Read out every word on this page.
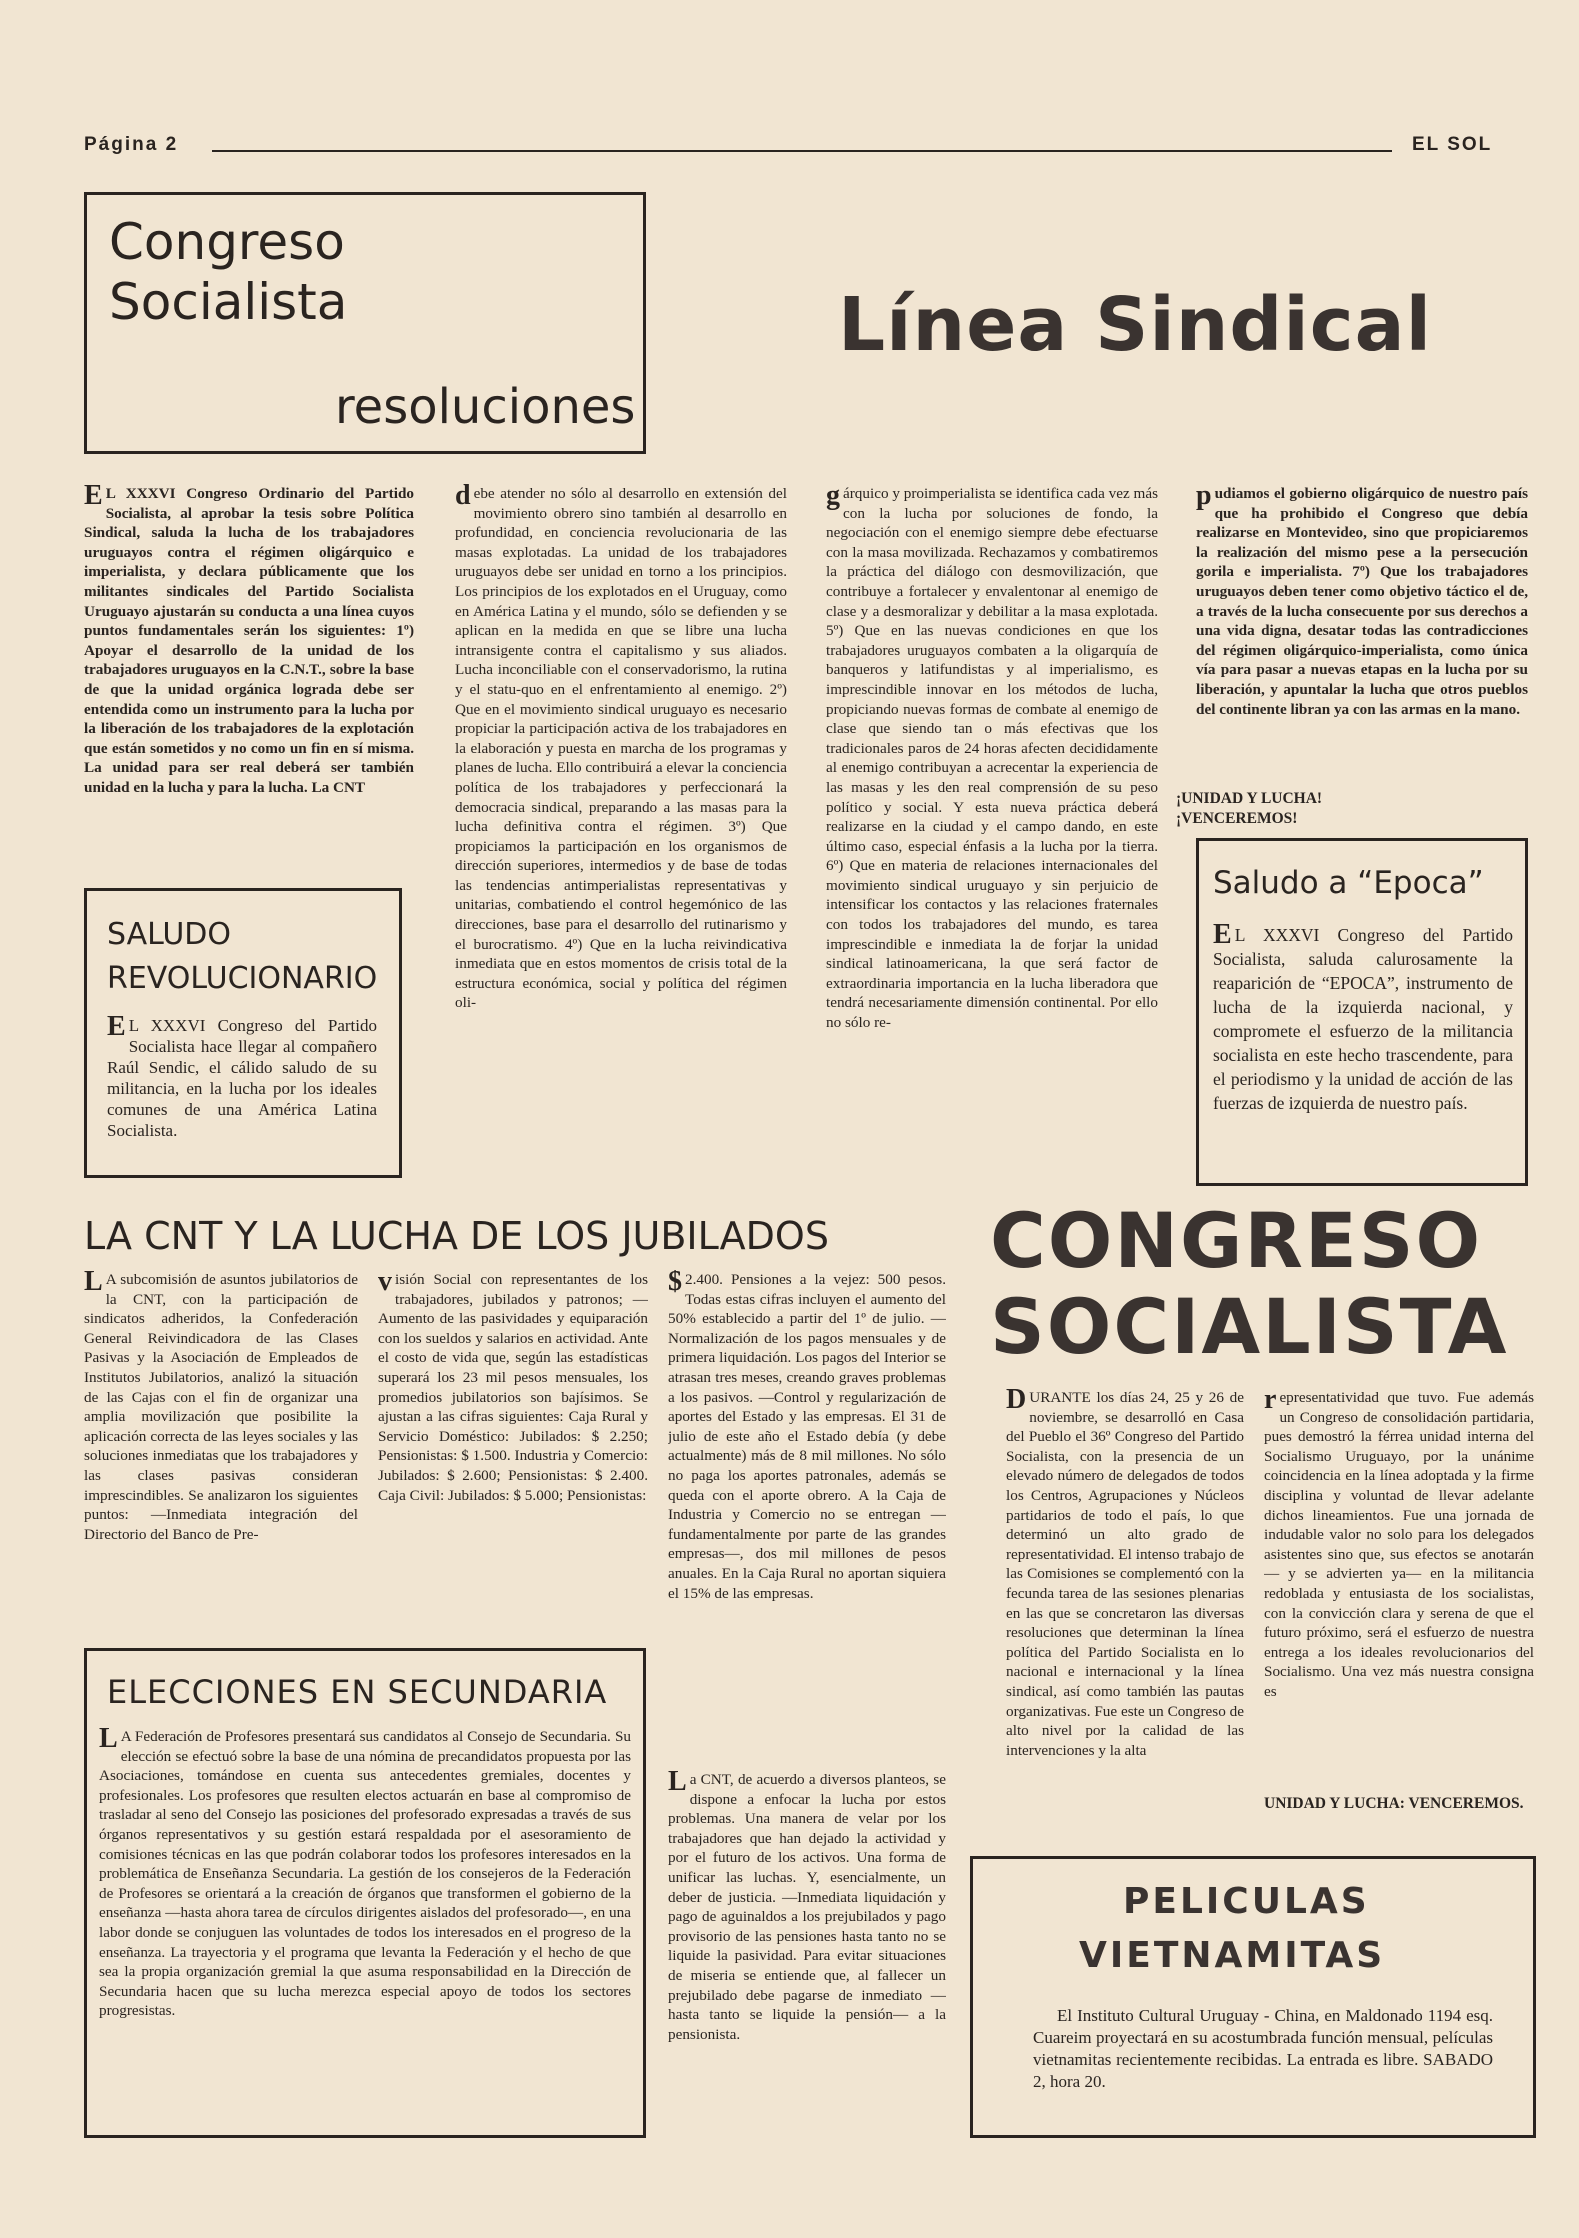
Página 2	EL SOL
Congreso
Socialista
resoluciones
Línea Sindical

EL XXXVI Congreso Ordinario del Partido Socialista, al aprobar la tesis sobre Política Sindical, saluda la lucha de los trabajadores uruguayos contra el régimen oligárquico e imperialista, y declara públicamente que los militantes sindicales del Partido Socialista Uruguayo ajustarán su conducta a una línea cuyos puntos fundamentales serán los siguientes: 1º) Apoyar el desarrollo de la unidad de los trabajadores uruguayos en la C.N.T., sobre la base de que la unidad orgánica lograda debe ser entendida como un instrumento para la lucha por la liberación de los trabajadores de la explotación que están sometidos y no como un fin en sí misma. La unidad para ser real deberá ser también unidad en la lucha y para la lucha. La CNT

debe atender no sólo al desarrollo en extensión del movimiento obrero sino también al desarrollo en profundidad, en conciencia revolucionaria de las masas explotadas. La unidad de los trabajadores uruguayos debe ser unidad en torno a los principios. Los principios de los explotados en el Uruguay, como en América Latina y el mundo, sólo se defienden y se aplican en la medida en que se libre una lucha intransigente contra el capitalismo y sus aliados. Lucha inconciliable con el conservadorismo, la rutina y el statu-quo en el enfrentamiento al enemigo. 2º) Que en el movimiento sindical uruguayo es necesario propiciar la participación activa de los trabajadores en la elaboración y puesta en marcha de los programas y planes de lucha. Ello contribuirá a elevar la conciencia política de los trabajadores y perfeccionará la democracia sindical, preparando a las masas para la lucha definitiva contra el régimen. 3º) Que propiciamos la participación en los organismos de dirección superiores, intermedios y de base de todas las tendencias antimperialistas representativas y unitarias, combatiendo el control hegemónico de las direcciones, base para el desarrollo del rutinarismo y el burocratismo. 4º) Que en la lucha reivindicativa inmediata que en estos momentos de crisis total de la estructura económica, social y política del régimen oli-

gárquico y proimperialista se identifica cada vez más con la lucha por soluciones de fondo, la negociación con el enemigo siempre debe efectuarse con la masa movilizada. Rechazamos y combatiremos la práctica del diálogo con desmovilización, que contribuye a fortalecer y envalentonar al enemigo de clase y a desmoralizar y debilitar a la masa explotada. 5º) Que en las nuevas condiciones en que los trabajadores uruguayos combaten a la oligarquía de banqueros y latifundistas y al imperialismo, es imprescindible innovar en los métodos de lucha, propiciando nuevas formas de combate al enemigo de clase que siendo tan o más efectivas que los tradicionales paros de 24 horas afecten decididamente al enemigo contribuyan a acrecentar la experiencia de las masas y les den real comprensión de su peso político y social. Y esta nueva práctica deberá realizarse en la ciudad y el campo dando, en este último caso, especial énfasis a la lucha por la tierra. 6º) Que en materia de relaciones internacionales del movimiento sindical uruguayo y sin perjuicio de intensificar los contactos y las relaciones fraternales con todos los trabajadores del mundo, es tarea imprescindible e inmediata la de forjar la unidad sindical latinoamericana, la que será factor de extraordinaria importancia en la lucha liberadora que tendrá necesariamente dimensión continental. Por ello no sólo re-

pudiamos el gobierno oligárquico de nuestro país que ha prohibido el Congreso que debía realizarse en Montevideo, sino que propiciaremos la realización del mismo pese a la persecución gorila e imperialista. 7º) Que los trabajadores uruguayos deben tener como objetivo táctico el de, a través de la lucha consecuente por sus derechos a una vida digna, desatar todas las contradicciones del régimen oligárquico-imperialista, como única vía para pasar a nuevas etapas en la lucha por su liberación, y apuntalar la lucha que otros pueblos del continente libran ya con las armas en la mano.

¡UNIDAD Y LUCHA!
¡VENCEREMOS!
SALUDO
REVOLUCIONARIO

EL XXXVI Congreso del Partido Socialista hace llegar al compañero Raúl Sendic, el cálido saludo de su militancia, en la lucha por los ideales comunes de una América Latina Socialista.

Saludo a “Epoca”

EL XXXVI Congreso del Partido Socialista, saluda calurosamente la reaparición de “EPOCA”, instrumento de lucha de la izquierda nacional, y compromete el esfuerzo de la militancia socialista en este hecho trascendente, para el periodismo y la unidad de acción de las fuerzas de izquierda de nuestro país.

LA CNT Y LA LUCHA DE LOS JUBILADOS

LA subcomisión de asuntos jubilatorios de la CNT, con la participación de sindicatos adheridos, la Confederación General Reivindicadora de las Clases Pasivas y la Asociación de Empleados de Institutos Jubilatorios, analizó la situación de las Cajas con el fin de organizar una amplia movilización que posibilite la aplicación correcta de las leyes sociales y las soluciones inmediatas que los trabajadores y las clases pasivas consideran imprescindibles. Se analizaron los siguientes puntos: —Inmediata integración del Directorio del Banco de Pre-

visión Social con representantes de los trabajadores, jubilados y patronos; —Aumento de las pasividades y equiparación con los sueldos y salarios en actividad. Ante el costo de vida que, según las estadísticas superará los 23 mil pesos mensuales, los promedios jubilatorios son bajísimos. Se ajustan a las cifras siguientes: Caja Rural y Servicio Doméstico: Jubilados: $ 2.250; Pensionistas: $ 1.500. Industria y Comercio: Jubilados: $ 2.600; Pensionistas: $ 2.400. Caja Civil: Jubilados: $ 5.000; Pensionistas:

$2.400. Pensiones a la vejez: 500 pesos. Todas estas cifras incluyen el aumento del 50% establecido a partir del 1º de julio. —Normalización de los pagos mensuales y de primera liquidación. Los pagos del Interior se atrasan tres meses, creando graves problemas a los pasivos. —Control y regularización de aportes del Estado y las empresas. El 31 de julio de este año el Estado debía (y debe actualmente) más de 8 mil millones. No sólo no paga los aportes patronales, además se queda con el aporte obrero. A la Caja de Industria y Comercio no se entregan —fundamentalmente por parte de las grandes empresas—, dos mil millones de pesos anuales. En la Caja Rural no aportan siquiera el 15% de las empresas.

La CNT, de acuerdo a diversos planteos, se dispone a enfocar la lucha por estos problemas. Una manera de velar por los trabajadores que han dejado la actividad y por el futuro de los activos. Una forma de unificar las luchas. Y, esencialmente, un deber de justicia. —Inmediata liquidación y pago de aguinaldos a los prejubilados y pago provisorio de las pensiones hasta tanto no se liquide la pasividad. Para evitar situaciones de miseria se entiende que, al fallecer un prejubilado debe pagarse de inmediato —hasta tanto se liquide la pensión— a la pensionista.

ELECCIONES EN SECUNDARIA

LA Federación de Profesores presentará sus candidatos al Consejo de Secundaria. Su elección se efectuó sobre la base de una nómina de precandidatos propuesta por las Asociaciones, tomándose en cuenta sus antecedentes gremiales, docentes y profesionales. Los profesores que resulten electos actuarán en base al compromiso de trasladar al seno del Consejo las posiciones del profesorado expresadas a través de sus órganos representativos y su gestión estará respaldada por el asesoramiento de comisiones técnicas en las que podrán colaborar todos los profesores interesados en la problemática de Enseñanza Secundaria. La gestión de los consejeros de la Federación de Profesores se orientará a la creación de órganos que transformen el gobierno de la enseñanza —hasta ahora tarea de círculos dirigentes aislados del profesorado—, en una labor donde se conjuguen las voluntades de todos los interesados en el progreso de la enseñanza. La trayectoria y el programa que levanta la Federación y el hecho de que sea la propia organización gremial la que asuma responsabilidad en la Dirección de Secundaria hacen que su lucha merezca especial apoyo de todos los sectores progresistas.

CONGRESO
SOCIALISTA

DURANTE los días 24, 25 y 26 de noviembre, se desarrolló en Casa del Pueblo el 36º Congreso del Partido Socialista, con la presencia de un elevado número de delegados de todos los Centros, Agrupaciones y Núcleos partidarios de todo el país, lo que determinó un alto grado de representatividad. El intenso trabajo de las Comisiones se complementó con la fecunda tarea de las sesiones plenarias en las que se concretaron las diversas resoluciones que determinan la línea política del Partido Socialista en lo nacional e internacional y la línea sindical, así como también las pautas organizativas. Fue este un Congreso de alto nivel por la calidad de las intervenciones y la alta

representatividad que tuvo. Fue además un Congreso de consolidación partidaria, pues demostró la férrea unidad interna del Socialismo Uruguayo, por la unánime coincidencia en la línea adoptada y la firme disciplina y voluntad de llevar adelante dichos lineamientos. Fue una jornada de indudable valor no solo para los delegados asistentes sino que, sus efectos se anotarán — y se advierten ya— en la militancia redoblada y entusiasta de los socialistas, con la convicción clara y serena de que el futuro próximo, será el esfuerzo de nuestra entrega a los ideales revolucionarios del Socialismo. Una vez más nuestra consigna es

UNIDAD Y LUCHA: VENCEREMOS.
PELICULAS
VIETNAMITAS

El Instituto Cultural Uruguay - China, en Maldonado 1194 esq. Cuareim proyectará en su acostumbrada función mensual, películas vietnamitas recientemente recibidas. La entrada es libre. SABADO 2, hora 20.
